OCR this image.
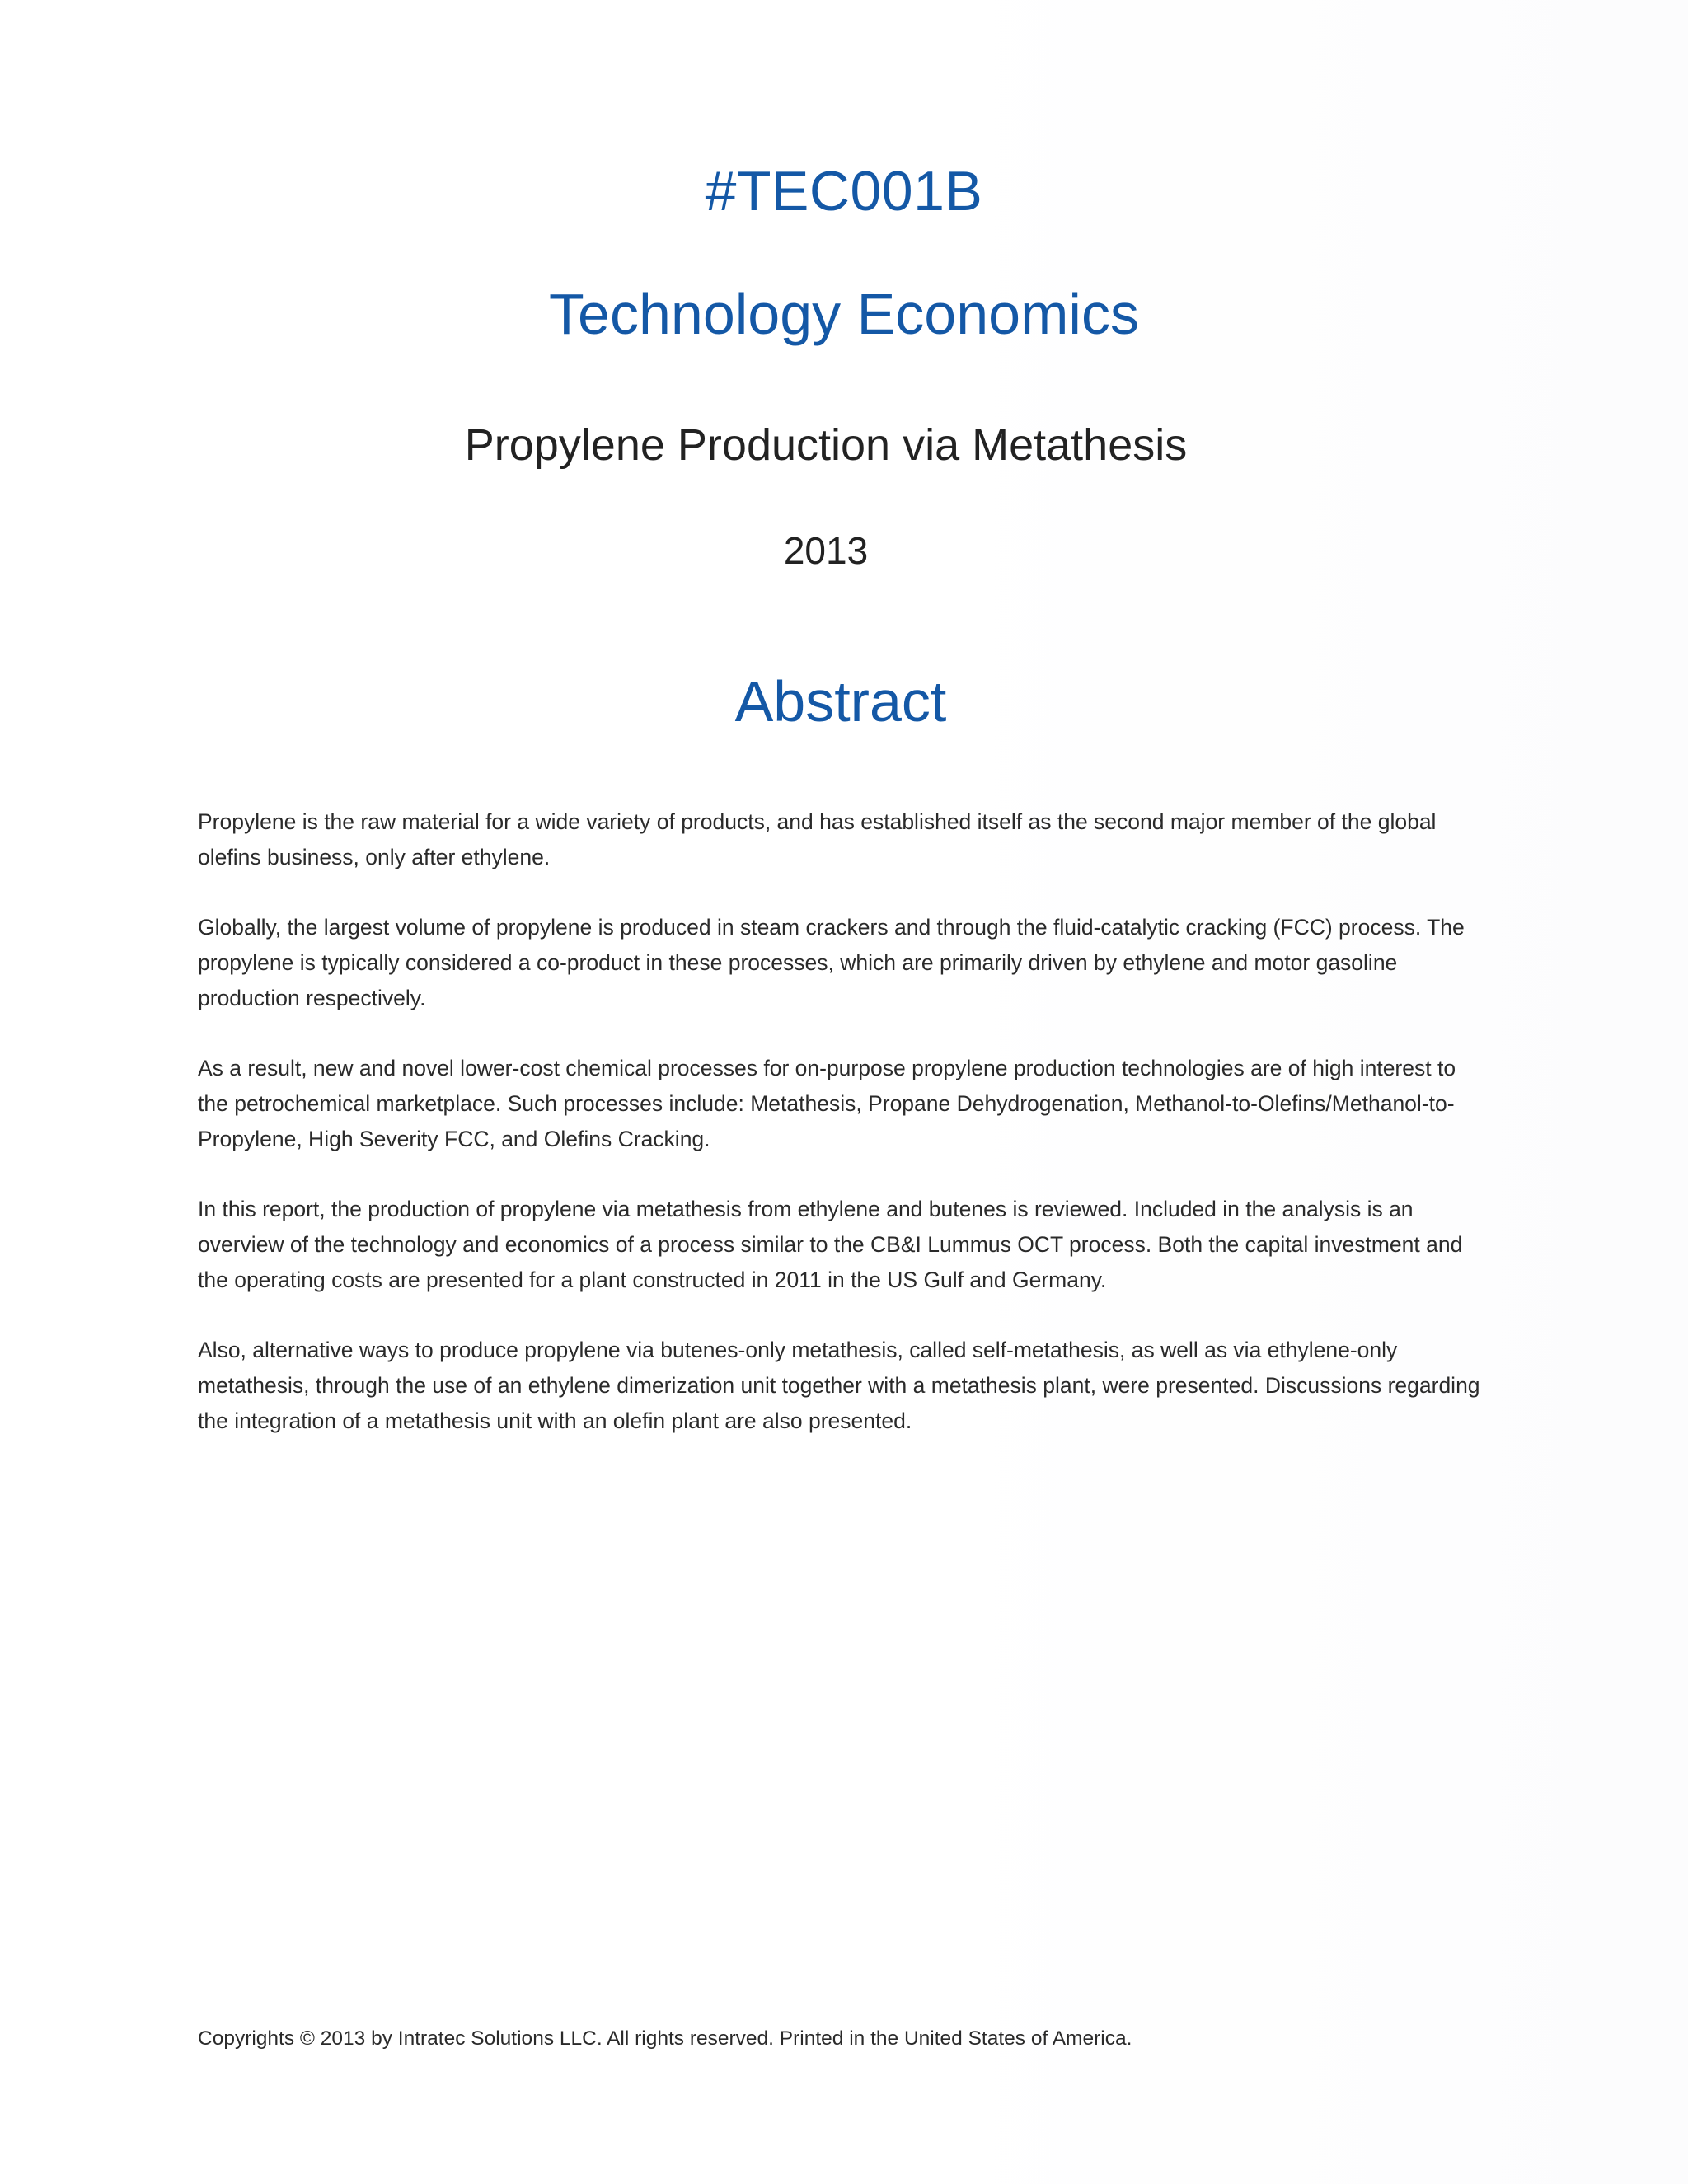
#TEC001B
Technology Economics
Propylene Production via Metathesis
2013
Abstract

Propylene is the raw material for a wide variety of products, and has established itself as the second major member of the global olefins business, only after ethylene.

Globally, the largest volume of propylene is produced in steam crackers and through the fluid-catalytic cracking (FCC) process. The propylene is typically considered a co-product in these processes, which are primarily driven by ethylene and motor gasoline production respectively.

As a result, new and novel lower-cost chemical processes for on-purpose propylene production technologies are of high interest to the petrochemical marketplace. Such processes include: Metathesis, Propane Dehydrogenation, Methanol-to-Olefins/Methanol-to-Propylene, High Severity FCC, and Olefins Cracking.

In this report, the production of propylene via metathesis from ethylene and butenes is reviewed. Included in the analysis is an overview of the technology and economics of a process similar to the CB&I Lummus OCT process. Both the capital investment and the operating costs are presented for a plant constructed in 2011 in the US Gulf and Germany.

Also, alternative ways to produce propylene via butenes-only metathesis, called self-metathesis, as well as via ethylene-only metathesis, through the use of an ethylene dimerization unit together with a metathesis plant, were presented. Discussions regarding the integration of a metathesis unit with an olefin plant are also presented.

Copyrights © 2013 by Intratec Solutions LLC. All rights reserved. Printed in the United States of America.
